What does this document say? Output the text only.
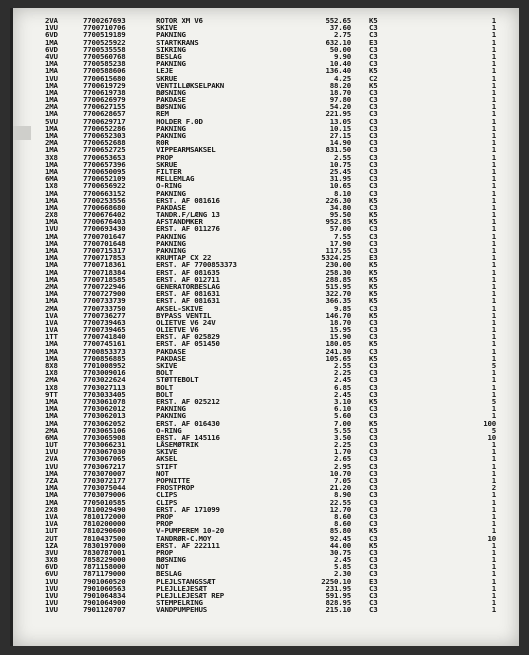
2VA	7700267693	ROTOR XM V6	552.65 K5	1
1VU	7700710706	SKIVE	37.60 C3	1
6VD	7700519189	PAKNING	2.75 C3	1
1MA	7700525922	STARTKRANS	632.10 E3	1
6VD	7700535558	SIKRING	50.00 C3	1
4VU	7700560768	BESLAG	9.90 C3	1
1MA	7700585238	PAKNING	10.40 C3	1
1MA	7700588606	LEJE	136.40 K5	1
1VU	7700615680	SKRUE	4.25 C2	1
1MA	7700619729	VENTILLØKSELPAKN	88.20 K5	1
1MA	7700619738	BØSNING	18.70 C3	1
1MA	7700626979	PAKDASE	97.80 C3	1
2MA	7700627155	BØSNING	54.20 C3	1
1MA	7700628657	REM	221.95 C3	1
5VU	7700629717	HOLDER F.0D	13.05 C3	1
1MA	7700652286	PAKNING	10.15 C3	1
1MA	7700652303	PAKNING	27.15 C3	1
2MA	7700652688	R0R	14.90 C3	1
1MA	7700652725	VIPPEARMSAKSEL	831.50 C3	1
3X8	7700653653	PROP	2.55 C3	1
1MA	7700657396	SKRUE	10.75 C3	1
1MA	7700650095	FILTER	25.45 C3	1
6MA	7700652109	MELLEMLAG	31.95 C3	1
1X8	7700656922	O-RING	10.65 C3	1
1MA	7700663152	PAKNING	8.10 C3	1
1MA	7700253556	ERST. AF 081616	226.30 K5	1
1MA	7700668680	PAKDASE	34.80 C3	1
2X8	7700676402	TANDR.F/LÆNG 13	95.50 K5	1
1MA	7700676403	AFSTANDMKER	952.85 K5	1
1VU	7700693430	ERST. AF 011276	57.00 C3	1
1MA	7700701647	PAKNING	7.55 C3	1
1MA	7700701648	PAKNING	17.90 C3	1
1MA	7700715317	PAKNING	117.55 C3	1
1MA	7700717853	KRUMTAP CX 22	5324.25 E3	1
1MA	7700718361	ERST. AF 7700853373	230.00 K5	1
1MA	7700718384	ERST. AF 081635	258.30 K5	1
1MA	7700718585	ERST. AF 012711	288.85 K5	1
2MA	7700722946	GENERATORBESLAG	515.95 K5	1
1MA	7700727900	ERST. AF 081631	322.70 K5	1
1MA	7700733739	ERST. AF 081631	366.35 K5	1
2MA	7700733750	AKSEL-SKIVE	9.85 C3	1
1VA	7700736277	BYPASS VENTIL	146.70 K5	1
1VA	7700739463	OLIETVE V6 24V	18.70 C3	1
1VA	7700739465	OLIETVE V6	15.95 C3	1
1TT	7700741840	ERST. AF 025829	15.90 C3	1
1MA	7700745161	ERST. AF 051450	180.05 K5	1
1MA	7700853373	PAKDASE	241.30 C3	1
1MA	7700856885	PAKDASE	105.65 K5	1
8X8	7701008952	SKIVE	2.55 C3	5
1X8	7703009016	BOLT	2.25 C3	1
2MA	7703022624	STØTTEBOLT	2.45 C3	1
1X8	7703027113	BOLT	6.85 C3	1
9TT	7703033405	BOLT	2.45 C3	1
1MA	7703061078	ERST. AF 025212	3.10 K5	5
1MA	7703062012	PAKNING	6.10 C3	1
1MA	7703062013	PAKNING	5.60 C3	1
1MA	7703062052	ERST. AF 016430	7.00 K5	100
2MA	7703065106	O-RING	5.55 C3	5
6MA	7703065908	ERST. AF 145116	3.50 C3	10
1UT	7703066231	LÅSEMØTRIK	2.25 C3	1
1VU	7703067030	SKIVE	1.70 C3	1
2VA	7703067065	AKSEL	2.65 C3	1
1VU	7703067217	STIFT	2.95 C3	1
1MA	7703070007	NOT	10.70 C3	1
7ZA	7703072177	POPNITTE	7.05 C3	1
1MA	7703075044	FROSTPROP	21.20 C3	2
1MA	7703079006	CLIPS	8.90 C3	1
1MA	7705010585	CLIPS	22.55 C3	1
2X8	7810029490	ERST. AF 171099	12.70 C3	1
1VA	7810172000	PROP	8.60 C3	1
1VA	7810200000	PROP	8.60 C3	1
1UT	7810290600	V-PUMPEREM 10-20	85.80 K5	1
2UT	7810437500	TANDRØR-C.MOY	92.45 C3	10
1ZA	7830197000	ERST. AF 222111	44.00 K5	1
3VU	7830787001	PROP	30.75 C3	1
3X8	7858229000	BØSNING	2.45 C3	1
6VD	7871158000	NOT	5.85 C3	1
6VU	7871179000	BESLAG	2.30 C3	1
1VU	7901060520	PLEJLSTANGSSÆT	2250.10 E3	1
1VU	7901060563	PLEJLLEJESÆT	231.95 C3	1
1VU	7901064834	PLEJLLEJESÆT REP	591.95 C3	1
1VU	7901064900	STEMPELRING	828.95 C3	1
1VU	7901120707	VANDPUMPEHUS	215.10 C3	1
